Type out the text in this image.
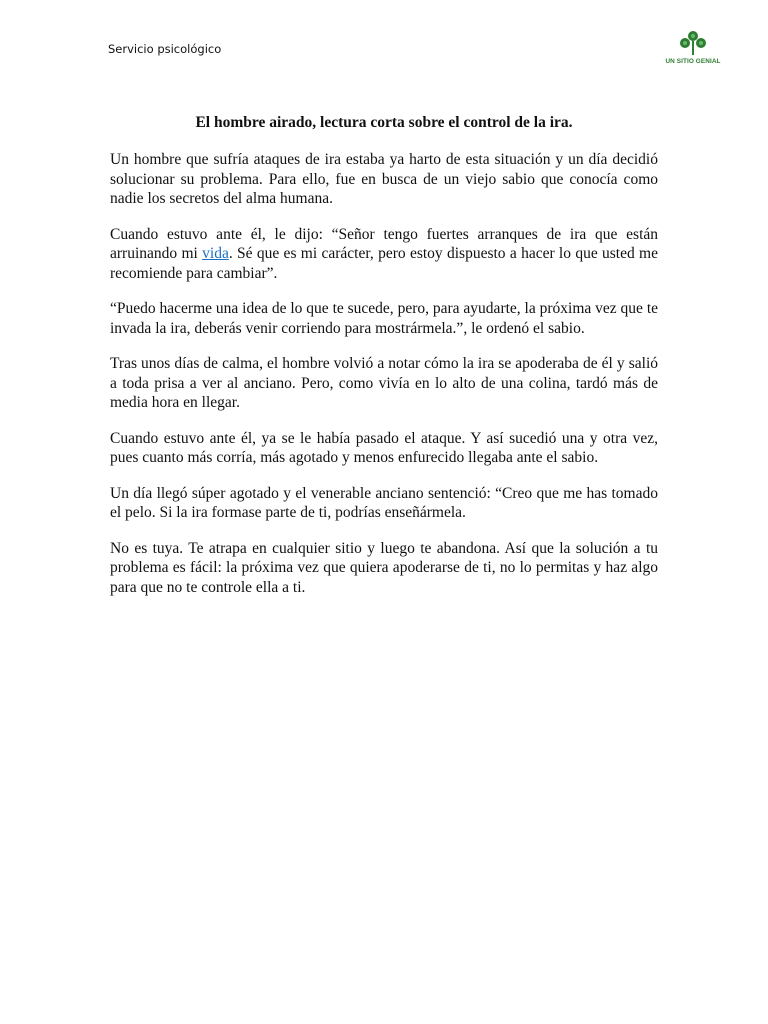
Servicio psicológico
UN SITIO GENIAL
El hombre airado, lectura corta sobre el control de la ira.

Un hombre que sufría ataques de ira estaba ya harto de esta situación y un día decidió solucionar su problema. Para ello, fue en busca de un viejo sabio que conocía como nadie los secretos del alma humana.

Cuando estuvo ante él, le dijo: “Señor tengo fuertes arranques de ira que están arruinando mi vida. Sé que es mi carácter, pero estoy dispuesto a hacer lo que usted me recomiende para cambiar”.

“Puedo hacerme una idea de lo que te sucede, pero, para ayudarte, la próxima vez que te invada la ira, deberás venir corriendo para mostrármela.”, le ordenó el sabio.

Tras unos días de calma, el hombre volvió a notar cómo la ira se apoderaba de él y salió a toda prisa a ver al anciano. Pero, como vivía en lo alto de una colina, tardó más de media hora en llegar.

Cuando estuvo ante él, ya se le había pasado el ataque. Y así sucedió una y otra vez, pues cuanto más corría, más agotado y menos enfurecido llegaba ante el sabio.

Un día llegó súper agotado y el venerable anciano sentenció: “Creo que me has tomado el pelo. Si la ira formase parte de ti, podrías enseñármela.

No es tuya. Te atrapa en cualquier sitio y luego te abandona. Así que la solución a tu problema es fácil: la próxima vez que quiera apoderarse de ti, no lo permitas y haz algo para que no te controle ella a ti.
